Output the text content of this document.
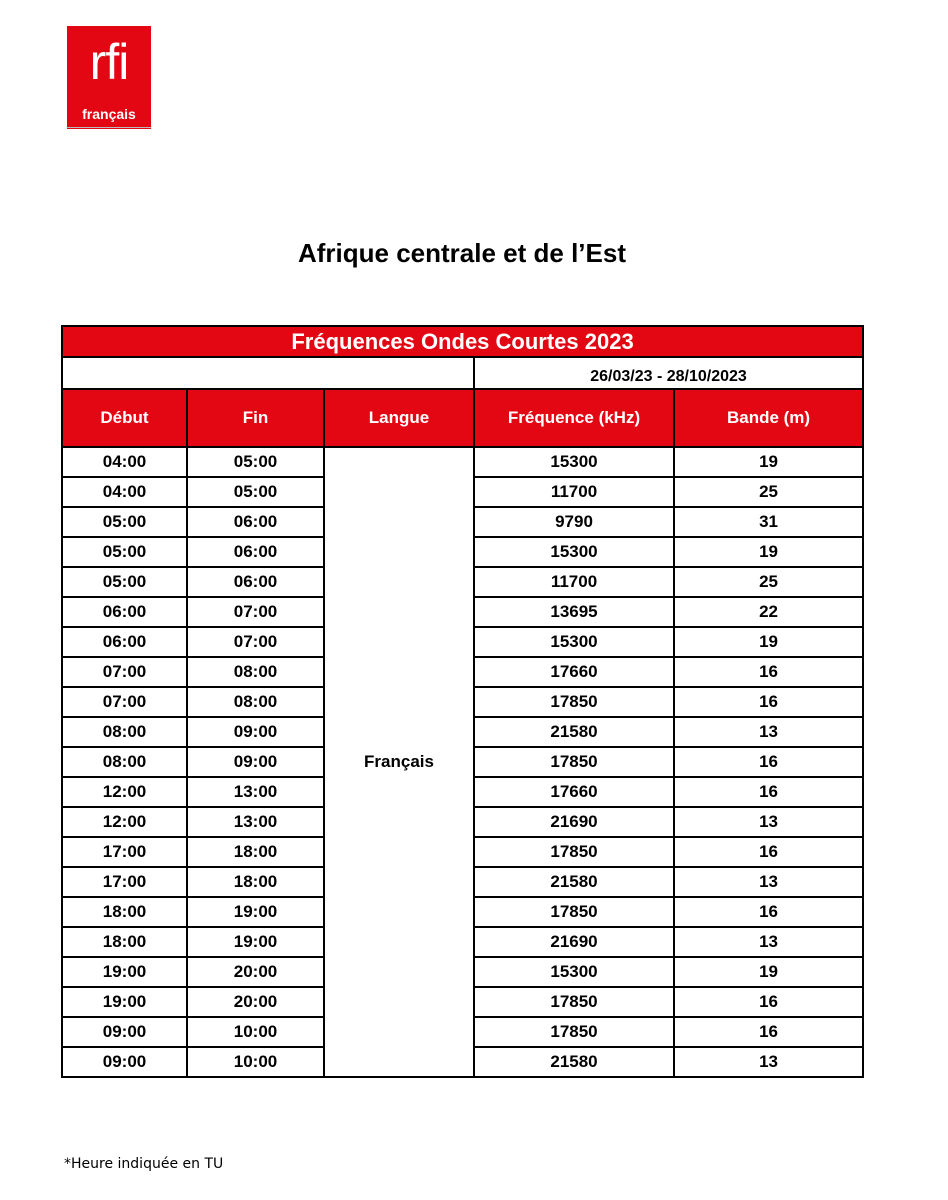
rfi
français
Afrique centrale et de l’Est
Fréquences Ondes Courtes 2023				
			26/03/23 - 28/10/2023	
Début	Fin	Langue	Fréquence (kHz)	Bande (m)
04:00	05:00	Français	15300	19
04:00	05:00		11700	25
05:00	06:00		9790	31
05:00	06:00		15300	19
05:00	06:00		11700	25
06:00	07:00		13695	22
06:00	07:00		15300	19
07:00	08:00		17660	16
07:00	08:00		17850	16
08:00	09:00		21580	13
08:00	09:00		17850	16
12:00	13:00		17660	16
12:00	13:00		21690	13
17:00	18:00		17850	16
17:00	18:00		21580	13
18:00	19:00		17850	16
18:00	19:00		21690	13
19:00	20:00		15300	19
19:00	20:00		17850	16
09:00	10:00		17850	16
09:00	10:00		21580	13
*Heure indiquée en TU
